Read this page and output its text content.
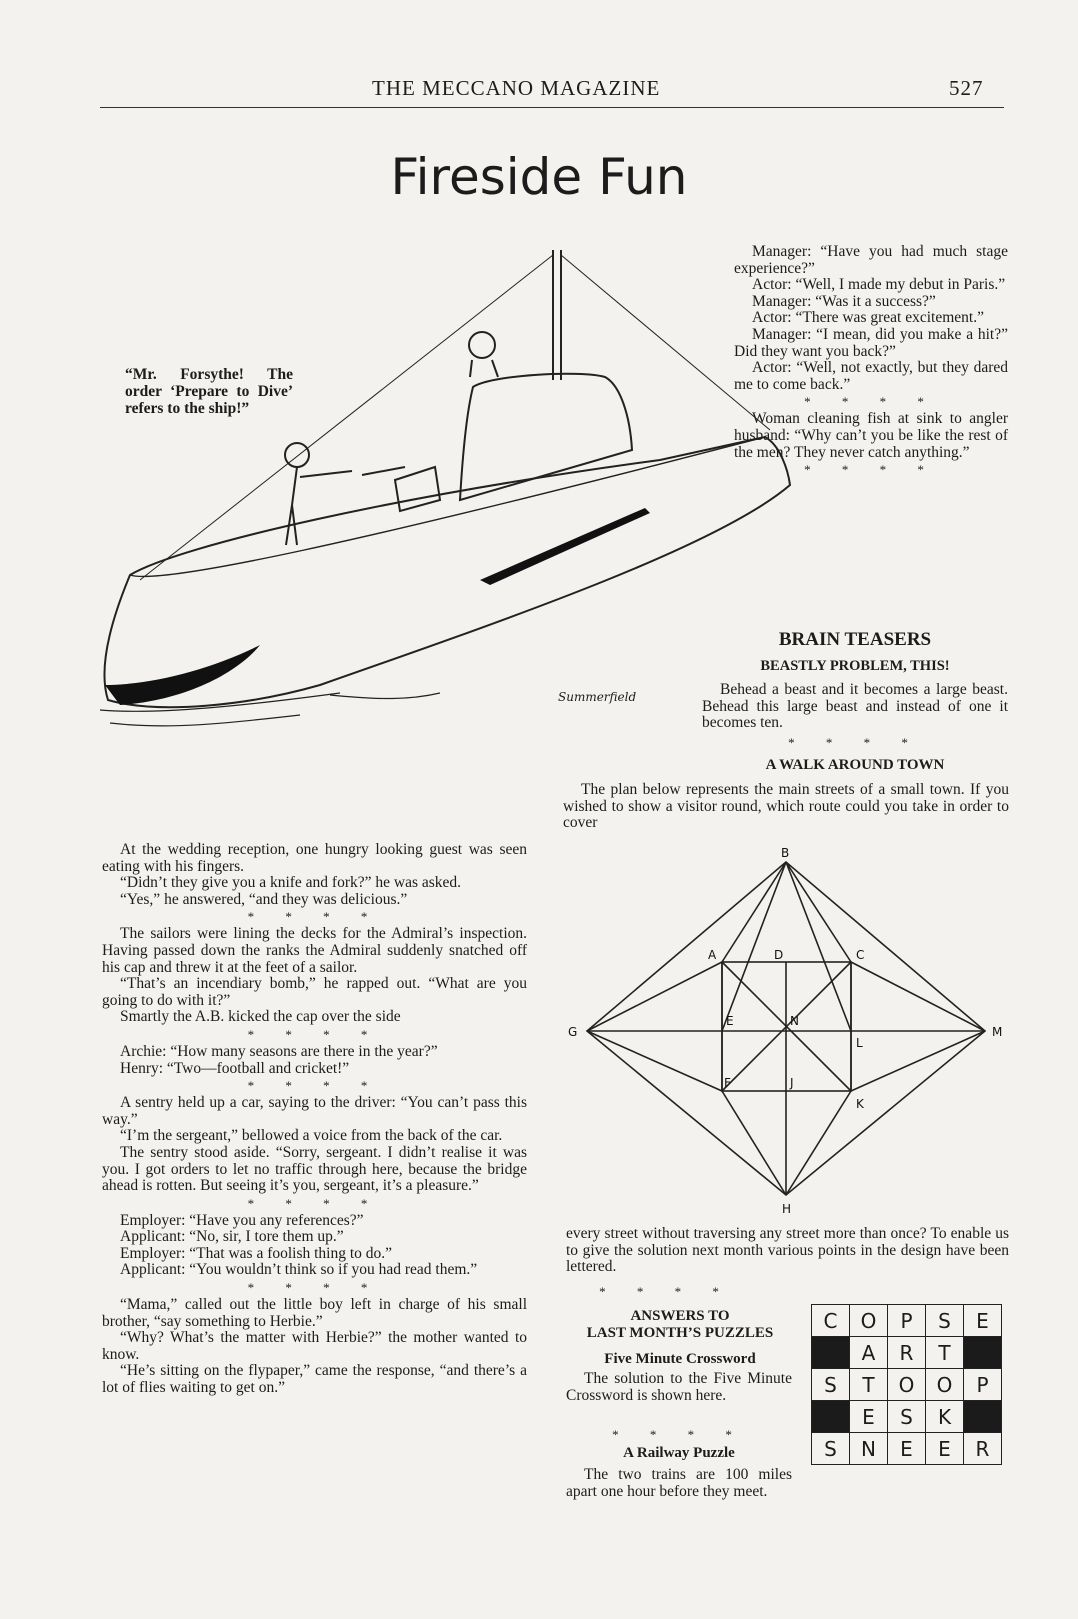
THE MECCANO MAGAZINE	527
Fireside Fun
“Mr. Forsythe! The order ‘Prepare to Dive’ refers to the ship!”
Summerfield

Manager: “Have you had much stage experience?”

Actor: “Well, I made my debut in Paris.”

Manager: “Was it a success?”

Actor: “There was great excitement.”

Manager: “I mean, did you make a hit?” Did they want you back?”

Actor: “Well, not exactly, but they dared me to come back.”

* * * *

Woman cleaning fish at sink to angler husband: “Why can’t you be like the rest of the men? They never catch anything.”

* * * *
BRAIN TEASERS
BEASTLY PROBLEM, THIS!

Behead a beast and it becomes a large beast. Behead this large beast and instead of one it becomes ten.

* * * *
A WALK AROUND TOWN

The plan below represents the main streets of a small town. If you wished to show a visitor round, which route could you take in order to cover

B
A	D	C
G
E	N
M
L
F	J
K
H

every street without traversing any street more than once? To enable us to give the solution next month various points in the design have been lettered.

* * * *
ANSWERS TO
LAST MONTH’S PUZZLES
Five Minute Crossword

The solution to the Five Minute Crossword is shown here.

* * * *
A Railway Puzzle

The two trains are 100 miles apart one hour before they meet.

C	O	P	S	E
	A	R	T	
S	T	O	O	P
	E	S	K	
S	N	E	E	R

At the wedding reception, one hungry looking guest was seen eating with his fingers.

“Didn’t they give you a knife and fork?” he was asked.

“Yes,” he answered, “and they was delicious.”

* * * *

The sailors were lining the decks for the Admiral’s inspection. Having passed down the ranks the Admiral suddenly snatched off his cap and threw it at the feet of a sailor.

“That’s an incendiary bomb,” he rapped out. “What are you going to do with it?”

Smartly the A.B. kicked the cap over the side

* * * *

Archie: “How many seasons are there in the year?”

Henry: “Two—football and cricket!”

* * * *

A sentry held up a car, saying to the driver: “You can’t pass this way.”

“I’m the sergeant,” bellowed a voice from the back of the car.

The sentry stood aside. “Sorry, sergeant. I didn’t realise it was you. I got orders to let no traffic through here, because the bridge ahead is rotten. But seeing it’s you, sergeant, it’s a pleasure.”

* * * *

Employer: “Have you any references?”

Applicant: “No, sir, I tore them up.”

Employer: “That was a foolish thing to do.”

Applicant: “You wouldn’t think so if you had read them.”

* * * *

“Mama,” called out the little boy left in charge of his small brother, “say something to Herbie.”

“Why? What’s the matter with Herbie?” the mother wanted to know.

“He’s sitting on the flypaper,” came the response, “and there’s a lot of flies waiting to get on.”
